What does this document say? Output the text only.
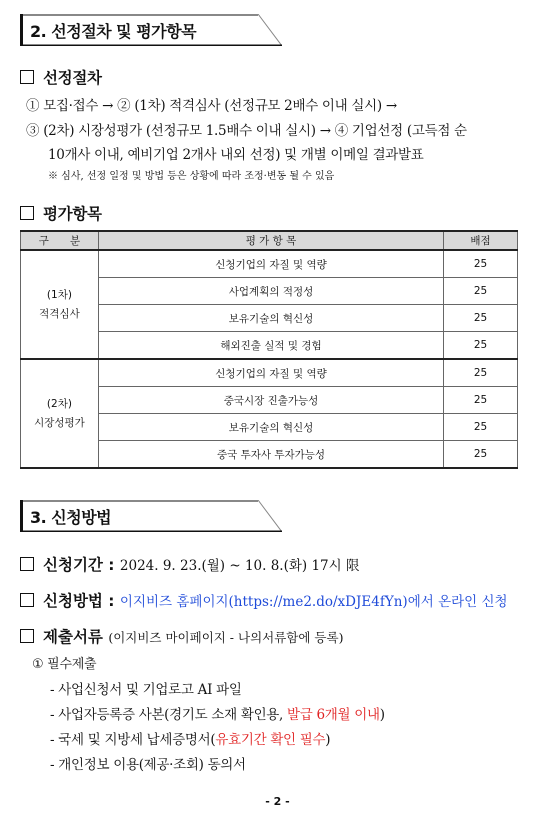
2. 선정절차 및 평가항목
선정절차
① 모집·접수 → ② (1차) 적격심사 (선정규모 2배수 이내 실시) →
③ (2차) 시장성평가 (선정규모 1.5배수 이내 실시) → ④ 기업선정 (고득점 순
10개사 이내, 예비기업 2개사 내외 선정) 및 개별 이메일 결과발표
※ 심사, 선정 일정 및 방법 등은 상황에 따라 조정·변동 될 수 있음
평가항목
구　　분	평 가 항 목	배점

(1차)
적격심사	신청기업의 자질 및 역량	25
	사업계획의 적정성	25
	보유기술의 혁신성	25
	해외진출 실적 및 경험	25

(2차)
시장성평가	신청기업의 자질 및 역량	25
	중국시장 진출가능성	25
	보유기술의 혁신성	25
	중국 투자사 투자가능성	25
3. 신청방법
신청기간 : 2024. 9. 23.(월) ~ 10. 8.(화) 17시 限
신청방법 : 이지비즈 홈페이지(https://me2.do/xDJE4fYn)에서 온라인 신청
제출서류 (이지비즈 마이페이지 - 나의서류함에 등록)
① 필수제출
- 사업신청서 및 기업로고 AI 파일
- 사업자등록증 사본(경기도 소재 확인용, 발급 6개월 이내)
- 국세 및 지방세 납세증명서(유효기간 확인 필수)
- 개인정보 이용(제공·조회) 동의서
- 2 -
